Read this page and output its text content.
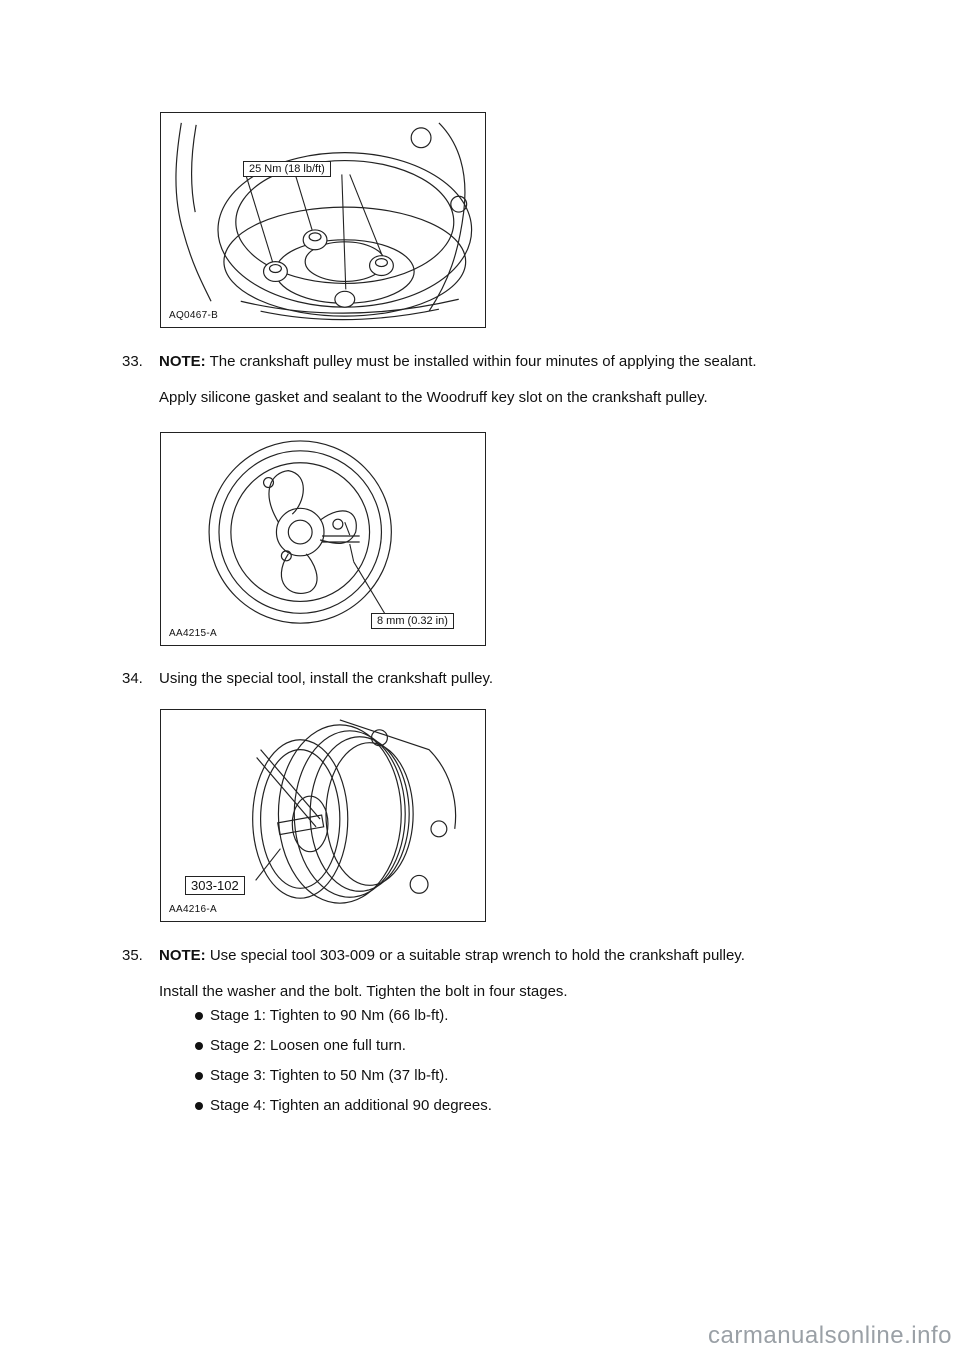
25 Nm (18 lb/ft)
AQ0467-B
33. NOTE: The crankshaft pulley must be installed within four minutes of applying the sealant.

Apply silicone gasket and sealant to the Woodruff key slot on the crankshaft pulley.

8 mm (0.32 in)
AA4215-A
34. Using the special tool, install the crankshaft pulley.

303-102
AA4216-A
35. NOTE: Use special tool 303-009 or a suitable strap wrench to hold the crankshaft pulley.

Install the washer and the bolt. Tighten the bolt in four stages.

Stage 1: Tighten to 90 Nm (66 lb-ft).
Stage 2: Loosen one full turn.
Stage 3: Tighten to 50 Nm (37 lb-ft).
Stage 4: Tighten an additional 90 degrees.
carmanualsonline.info
